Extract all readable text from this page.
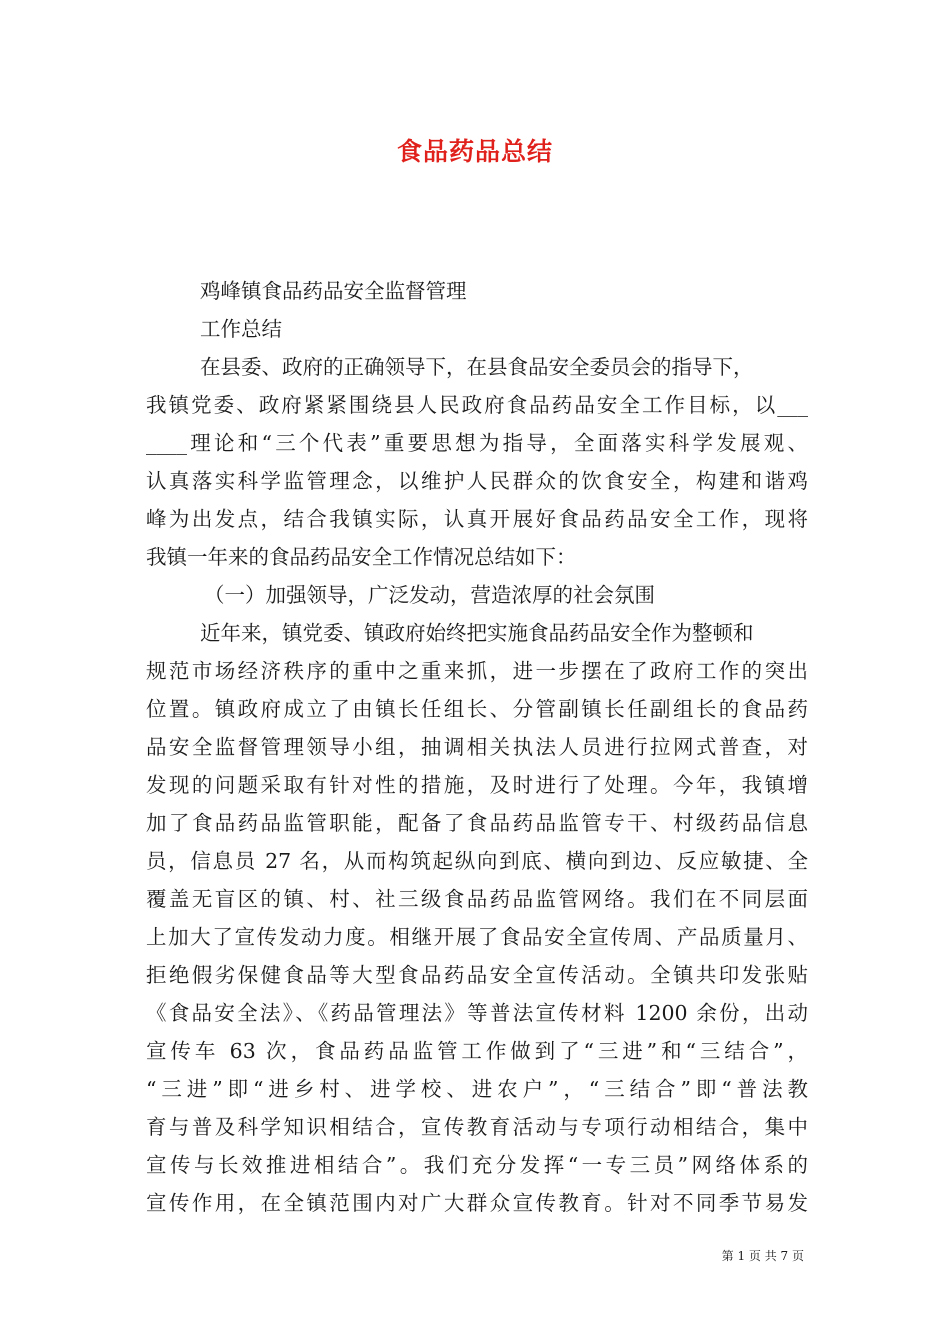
食品药品总结
鸡峰镇食品药品安全监督管理
工作总结
在县委、政府的正确领导下，在县食品安全委员会的指导下，
我镇党委、政府紧紧围绕县人民政府食品药品安全工作目标，以___
____理论和“三个代表”重要思想为指导，全面落实科学发展观、
认真落实科学监管理念，以维护人民群众的饮食安全，构建和谐鸡
峰为出发点，结合我镇实际，认真开展好食品药品安全工作，现将
我镇一年来的食品药品安全工作情况总结如下：
（一）加强领导，广泛发动，营造浓厚的社会氛围
近年来，镇党委、镇政府始终把实施食品药品安全作为整顿和
规范市场经济秩序的重中之重来抓，进一步摆在了政府工作的突出
位置。镇政府成立了由镇长任组长、分管副镇长任副组长的食品药
品安全监督管理领导小组，抽调相关执法人员进行拉网式普查，对
发现的问题采取有针对性的措施，及时进行了处理。今年，我镇增
加了食品药品监管职能，配备了食品药品监管专干、村级药品信息
员，信息员 27 名，从而构筑起纵向到底、横向到边、反应敏捷、全
覆盖无盲区的镇、村、社三级食品药品监管网络。我们在不同层面
上加大了宣传发动力度。相继开展了食品安全宣传周、产品质量月、
拒绝假劣保健食品等大型食品药品安全宣传活动。全镇共印发张贴
《食品安全法》、《药品管理法》等普法宣传材料 1200 余份，出动
宣传车 63 次，食品药品监管工作做到了“三进”和“三结合”，
“三进”即“进乡村、进学校、进农户”，“三结合”即“普法教
育与普及科学知识相结合，宣传教育活动与专项行动相结合，集中
宣传与长效推进相结合”。我们充分发挥“一专三员”网络体系的
宣传作用，在全镇范围内对广大群众宣传教育。针对不同季节易发
第 1 页 共 7 页
